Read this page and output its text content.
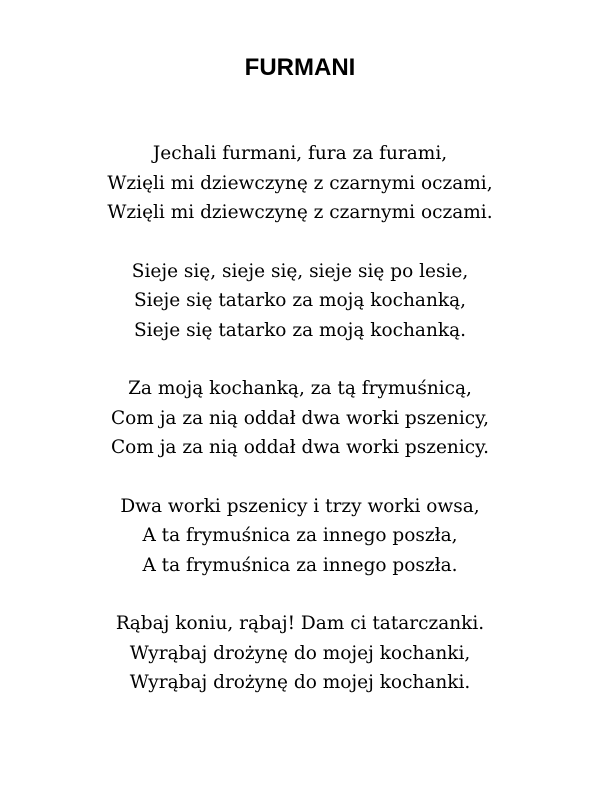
FURMANI
Jechali furmani, fura za furami,
Wzięli mi dziewczynę z czarnymi oczami,
Wzięli mi dziewczynę z czarnymi oczami.
Sieje się, sieje się, sieje się po lesie,
Sieje się tatarko za moją kochanką,
Sieje się tatarko za moją kochanką.
Za moją kochanką, za tą frymuśnicą,
Com ja za nią oddał dwa worki pszenicy,
Com ja za nią oddał dwa worki pszenicy.
Dwa worki pszenicy i trzy worki owsa,
A ta frymuśnica za innego poszła,
A ta frymuśnica za innego poszła.
Rąbaj koniu, rąbaj! Dam ci tatarczanki.
Wyrąbaj drożynę do mojej kochanki,
Wyrąbaj drożynę do mojej kochanki.
